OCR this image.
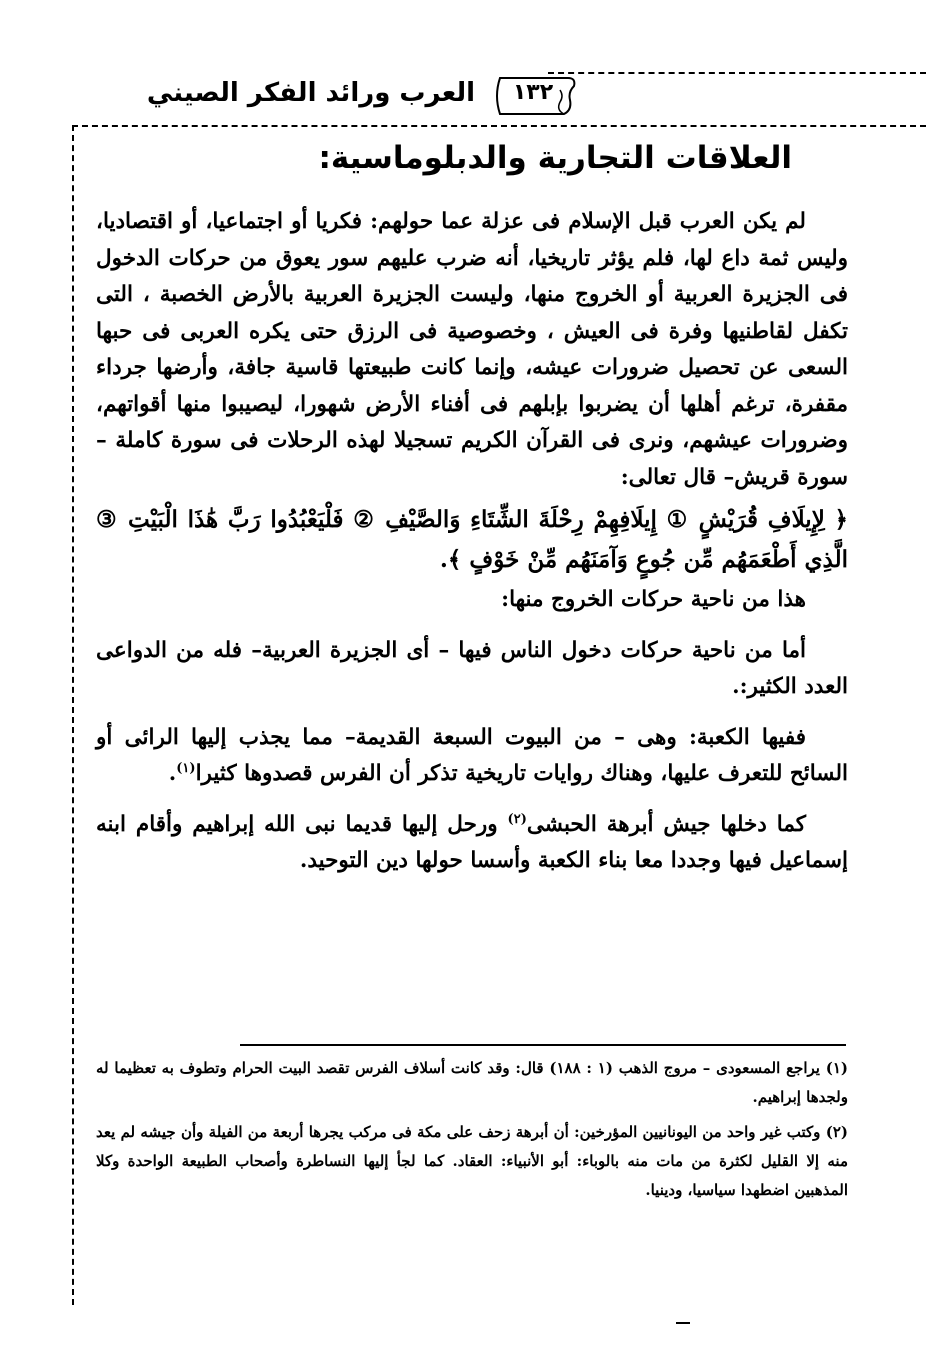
العرب ورائد الفكر الصيني	١٣٢
العلاقات التجارية والدبلوماسية:

لم يكن العرب قبل الإسلام فى عزلة عما حولهم: فكريا أو اجتماعيا، أو اقتصاديا، وليس ثمة داع لها، فلم يؤثر تاريخيا، أنه ضرب عليهم سور يعوق من حركات الدخول فى الجزيرة العربية أو الخروج منها، وليست الجزيرة العربية بالأرض الخصبة ، التى تكفل لقاطنيها وفرة فى العيش ، وخصوصية فى الرزق حتى يكره العربى فى حبها السعى عن تحصيل ضرورات عيشه، وإنما كانت طبيعتها قاسية جافة، وأرضها جرداء مقفرة، ترغم أهلها أن يضربوا بإبلهم فى أفناء الأرض شهورا، ليصيبوا منها أقواتهم، وضرورات عيشهم، ونرى فى القرآن الكريم تسجيلا لهذه الرحلات فى سورة كاملة – سورة قريش– قال تعالى:

﴿ لِإِيلَافِ قُرَيْشٍ ① إِيلَافِهِمْ رِحْلَةَ الشِّتَاءِ وَالصَّيْفِ ② فَلْيَعْبُدُوا رَبَّ هَٰذَا الْبَيْتِ ③ الَّذِي أَطْعَمَهُم مِّن جُوعٍ وَآمَنَهُم مِّنْ خَوْفٍ ﴾.

هذا من ناحية حركات الخروج منها:

أما من ناحية حركات دخول الناس فيها – أى الجزيرة العربية– فله من الدواعى العدد الكثير:.

ففيها الكعبة: وهى – من البيوت السبعة القديمة– مما يجذب إليها الرائى أو السائح للتعرف عليها، وهناك روايات تاريخية تذكر أن الفرس قصدوها كثيرا$^{(١)}$.

كما دخلها جيش أبرهة الحبشى$^{(٢)}$ ورحل إليها قديما نبى الله إبراهيم وأقام ابنه إسماعيل فيها وجددا معا بناء الكعبة وأسسا حولها دين التوحيد.

(١) يراجع المسعودى – مروج الذهب (١ : ١٨٨) قال: وقد كانت أسلاف الفرس تقصد البيت الحرام وتطوف به تعظيما له ولجدها إبراهيم.

(٢) وكتب غير واحد من اليونانيين المؤرخين: أن أبرهة زحف على مكة فى مركب يجرها أربعة من الفيلة وأن جيشه لم يعد منه إلا القليل لكثرة من مات منه بالوباء: أبو الأنبياء: العقاد. كما لجأ إليها النساطرة وأصحاب الطبيعة الواحدة وكلا المذهبين اضطهدا سياسيا، ودينيا.
